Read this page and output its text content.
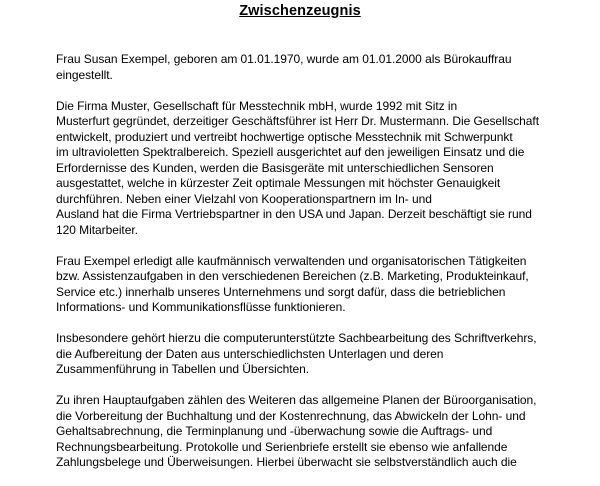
Zwischenzeugnis

Frau Susan Exempel, geboren am 01.01.1970, wurde am 01.01.2000 als Bürokauffrau
eingestellt.

Die Firma Muster, Gesellschaft für Messtechnik mbH, wurde 1992 mit Sitz in
Musterfurt gegründet, derzeitiger Geschäftsführer ist Herr Dr. Mustermann. Die Gesellschaft
entwickelt, produziert und vertreibt hochwertige optische Messtechnik mit Schwerpunkt
im ultravioletten Spektralbereich. Speziell ausgerichtet auf den jeweiligen Einsatz und die
Erfordernisse des Kunden, werden die Basisgeräte mit unterschiedlichen Sensoren
ausgestattet, welche in kürzester Zeit optimale Messungen mit höchster Genauigkeit
durchführen. Neben einer Vielzahl von Kooperationspartnern im In- und
Ausland hat die Firma Vertriebspartner in den USA und Japan. Derzeit beschäftigt sie rund
120 Mitarbeiter.

Frau Exempel erledigt alle kaufmännisch verwaltenden und organisatorischen Tätigkeiten
bzw. Assistenzaufgaben in den verschiedenen Bereichen (z.B. Marketing, Produkteinkauf,
Service etc.) innerhalb unseres Unternehmens und sorgt dafür, dass die betrieblichen
Informations- und Kommunikationsflüsse funktionieren.

Insbesondere gehört hierzu die computerunterstützte Sachbearbeitung des Schriftverkehrs,
die Aufbereitung der Daten aus unterschiedlichsten Unterlagen und deren
Zusammenführung in Tabellen und Übersichten.

Zu ihren Hauptaufgaben zählen des Weiteren das allgemeine Planen der Büroorganisation,
die Vorbereitung der Buchhaltung und der Kostenrechnung, das Abwickeln der Lohn- und
Gehaltsabrechnung, die Terminplanung und -überwachung sowie die Auftrags- und
Rechnungsbearbeitung. Protokolle und Serienbriefe erstellt sie ebenso wie anfallende
Zahlungsbelege und Überweisungen. Hierbei überwacht sie selbstverständlich auch die
